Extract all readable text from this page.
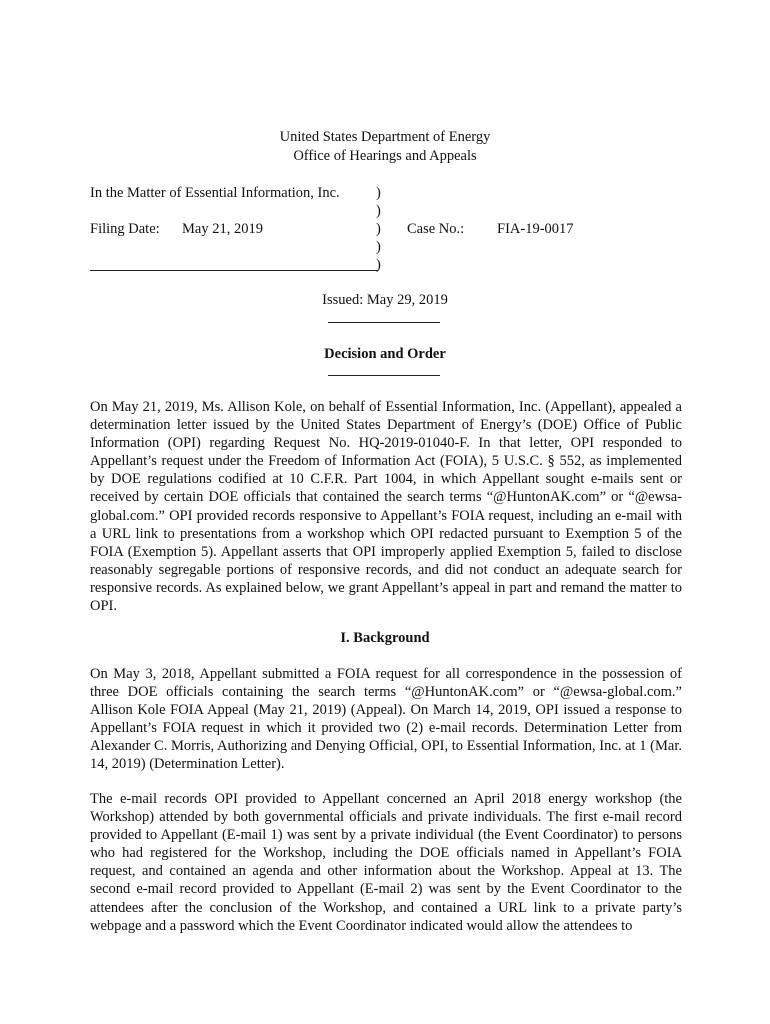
United States Department of Energy
Office of Hearings and Appeals
In the Matter of Essential Information, Inc.	)
)
Filing Date: May 21, 2019	) Case No.: FIA-19-0017
)
)
Issued: May 29, 2019
Decision and Order
On May 21, 2019, Ms. Allison Kole, on behalf of Essential Information, Inc. (Appellant), appealed a determination letter issued by the United States Department of Energy’s (DOE) Office of Public Information (OPI) regarding Request No. HQ-2019-01040-F. In that letter, OPI responded to Appellant’s request under the Freedom of Information Act (FOIA), 5 U.S.C. § 552, as implemented by DOE regulations codified at 10 C.F.R. Part 1004, in which Appellant sought e-mails sent or received by certain DOE officials that contained the search terms “@HuntonAK.com” or “@ewsa-global.com.” OPI provided records responsive to Appellant’s FOIA request, including an e-mail with a URL link to presentations from a workshop which OPI redacted pursuant to Exemption 5 of the FOIA (Exemption 5). Appellant asserts that OPI improperly applied Exemption 5, failed to disclose reasonably segregable portions of responsive records, and did not conduct an adequate search for responsive records. As explained below, we grant Appellant’s appeal in part and remand the matter to OPI.
I. Background
On May 3, 2018, Appellant submitted a FOIA request for all correspondence in the possession of three DOE officials containing the search terms “@HuntonAK.com” or “@ewsa-global.com.” Allison Kole FOIA Appeal (May 21, 2019) (Appeal). On March 14, 2019, OPI issued a response to Appellant’s FOIA request in which it provided two (2) e-mail records. Determination Letter from Alexander C. Morris, Authorizing and Denying Official, OPI, to Essential Information, Inc. at 1 (Mar. 14, 2019) (Determination Letter).
The e-mail records OPI provided to Appellant concerned an April 2018 energy workshop (the Workshop) attended by both governmental officials and private individuals. The first e-mail record provided to Appellant (E-mail 1) was sent by a private individual (the Event Coordinator) to persons who had registered for the Workshop, including the DOE officials named in Appellant’s FOIA request, and contained an agenda and other information about the Workshop. Appeal at 13. The second e-mail record provided to Appellant (E-mail 2) was sent by the Event Coordinator to the attendees after the conclusion of the Workshop, and contained a URL link to a private party’s webpage and a password which the Event Coordinator indicated would allow the attendees to
